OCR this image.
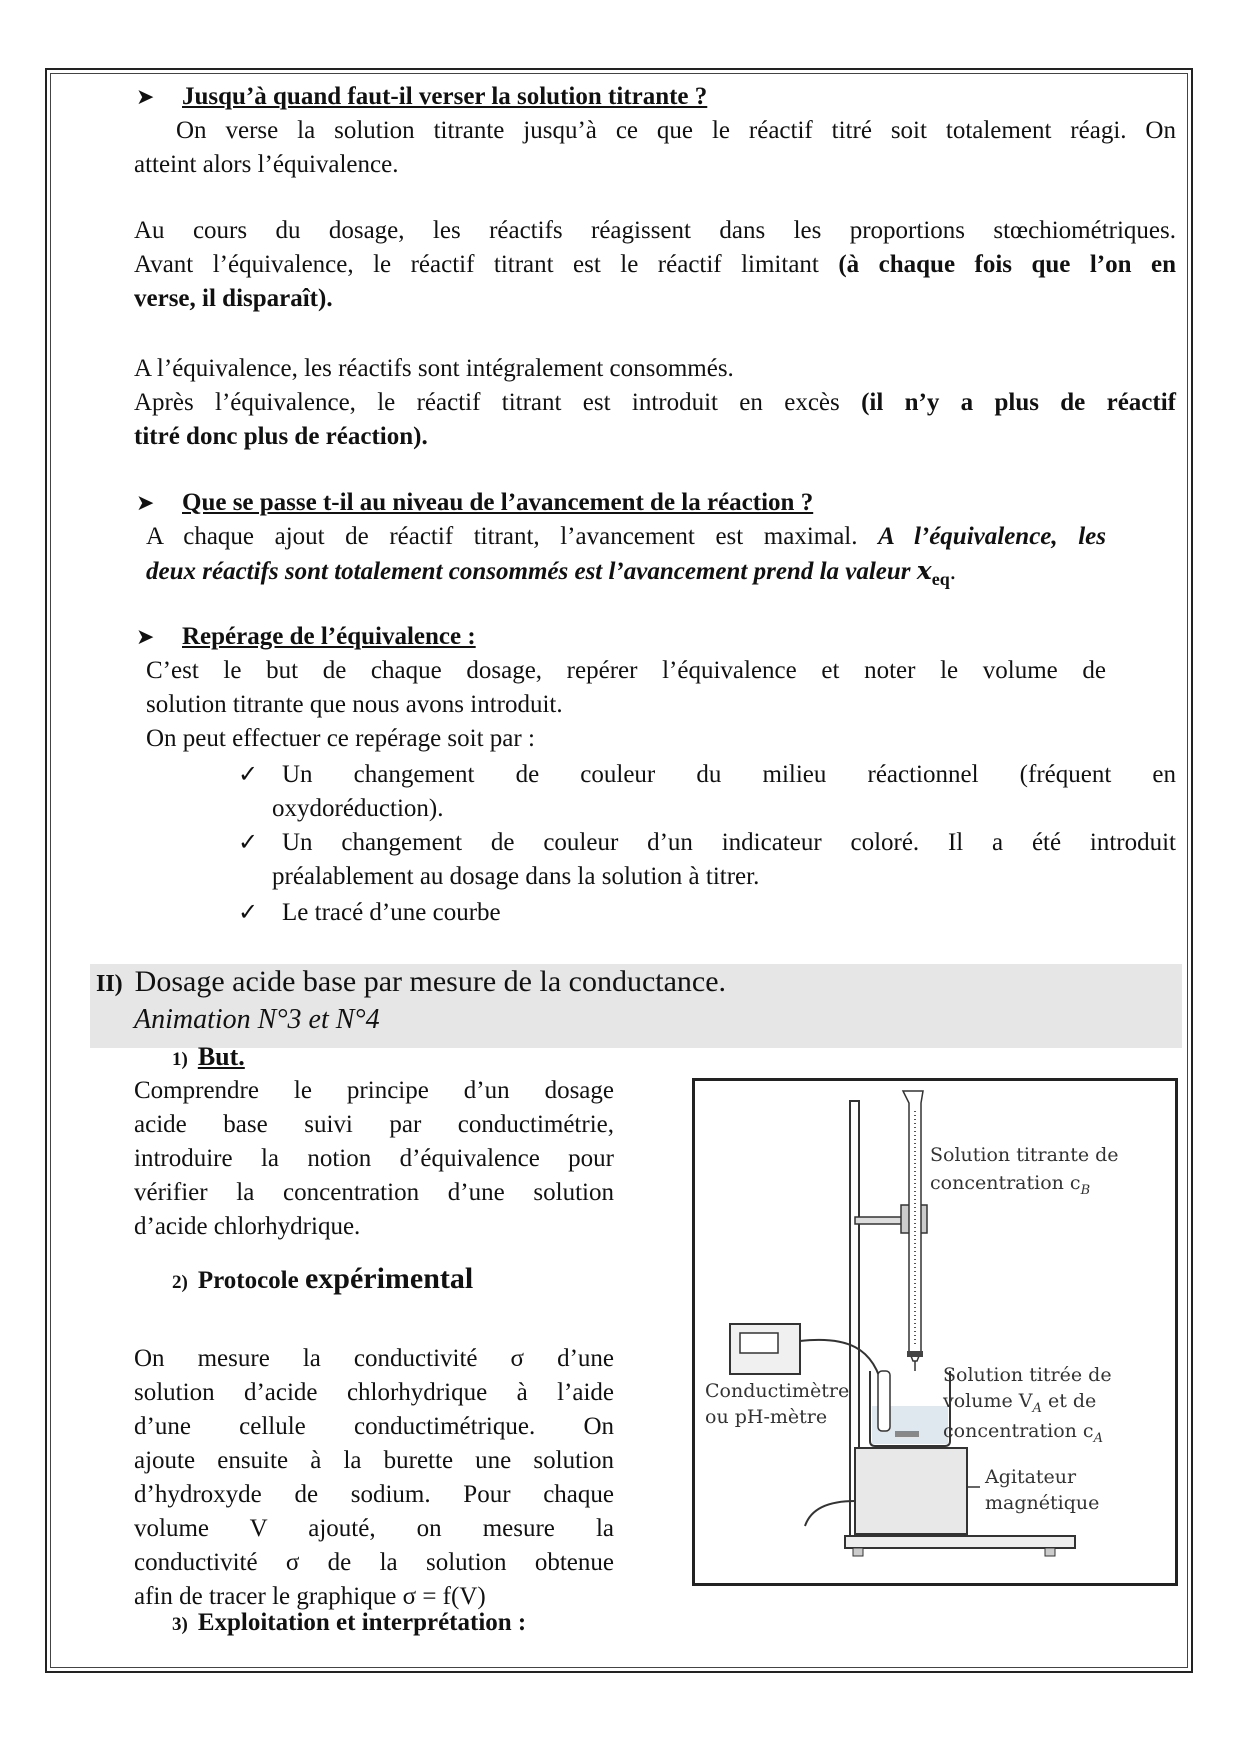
➤ Jusqu’à quand faut-il verser la solution titrante ?

On verse la solution titrante jusqu’à ce que le réactif titré soit totalement réagi. On

atteint alors l’équivalence.

Au cours du dosage, les réactifs réagissent dans les proportions stœchiométriques.

Avant l’équivalence, le réactif titrant est le réactif limitant (à chaque fois que l’on en

verse, il disparaît).

A l’équivalence, les réactifs sont intégralement consommés.

Après l’équivalence, le réactif titrant est introduit en excès (il n’y a plus de réactif

titré donc plus de réaction).

➤ Que se passe t-il au niveau de l’avancement de la réaction ?

A chaque ajout de réactif titrant, l’avancement est maximal. A l’équivalence, les

deux réactifs sont totalement consommés est l’avancement prend la valeur $x_{eq}$.

➤ Repérage de l’équivalence :

C’est le but de chaque dosage, repérer l’équivalence et noter le volume de

solution titrante que nous avons introduit.

On peut effectuer ce repérage soit par :

✓ Un changement de couleur du milieu réactionnel (fréquent en

oxydoréduction).

✓ Un changement de couleur d’un indicateur coloré. Il a été introduit

préalablement au dosage dans la solution à titrer.

✓ Le tracé d’une courbe
II) Dosage acide base par mesure de la conductance.
Animation N°3 et N°4
1) But.

Comprendre le principe d’un dosage

acide base suivi par conductimétrie,

introduire la notion d’équivalence pour

vérifier la concentration d’une solution

d’acide chlorhydrique.

2) Protocole expérimental

On mesure la conductivité σ d’une

solution d’acide chlorhydrique à l’aide

d’une cellule conductimétrique. On

ajoute ensuite à la burette une solution

d’hydroxyde de sodium. Pour chaque

volume V ajouté, on mesure la

conductivité σ de la solution obtenue

afin de tracer le graphique σ = f(V)

3) Exploitation et interprétation :
Solution titrante de
concentration $c_B$
Conductimètre
ou pH-mètre
Solution titrée de
volume $V_A$ et de
concentration $c_A$
Agitateur
magnétique
